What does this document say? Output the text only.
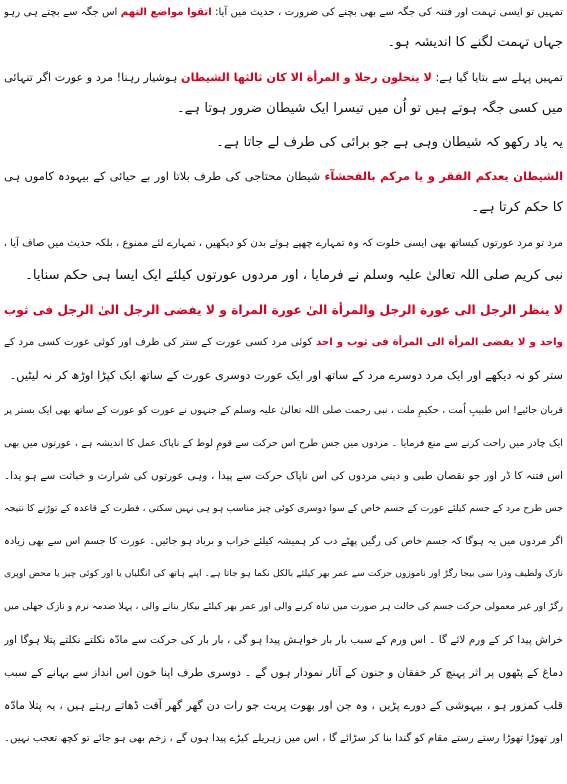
تمہیں تو ایسی تہمت اور فتنہ کی جگہ سے بھی بچنے کی ضرورت ، حدیث میں آیا: اتقوا مواضع التهم اس جگہ سے بچتے ہی رہو
جہاں تہمت لگنے کا اندیشہ ہو۔
تمہیں پہلے سے بتایا گیا ہے: لا ينحلون رجلا و المرأة الا كان ثالثها الشيطان ہوشیار رہنا! مرد و عورت اگر تنہائی
میں کسی جگہ ہوتے ہیں تو اُن میں تیسرا ایک شیطان ضرور ہوتا ہے۔
یہ یاد رکھو کہ شیطان وہی ہے جو برائی کی طرف لے جاتا ہے۔
الشيطان يعدكم الفقر و يا مركم بالفحشآء شیطان محتاجی کی طرف بلاتا اور بے حیائی کے بیہودہ کاموں ہی
کا حکم کرتا ہے۔
مرد تو مرد عورتوں کیساتھ بھی ایسی خلوت کہ وہ تمہارے چھپے ہوئے بدن کو دیکھیں ، تمہارے لئے ممنوع ، بلکہ حدیث میں صاف آیا ،
نبی کریم صلی اللہ تعالیٰ علیہ وسلم نے فرمایا ، اور مردوں عورتوں کیلئے ایک ایسا ہی حکم سنایا۔
لا ينظر الرجل الى عورة الرجل والمرأة الىٰ عورة المراة و لا يفضى الرجل الىٰ الرجل فى ثوب
واحد و لا يفضى المرأة الى المرأة فى ثوب و احد کوئی مرد کسی عورت کے ستر کی طرف اور کوئی عورت کسی مرد کے
ستر کو نہ دیکھے اور ایک مرد دوسرے مرد کے ساتھ اور ایک عورت دوسری عورت کے ساتھ ایک کپڑا اوڑھ کر نہ لیٹیں۔
قربان جائیے! اس طبیبِ اُمت ، حکیمِ ملت ، نبی رحمت صلی اللہ تعالیٰ علیہ وسلم کے جنہوں نے عورت کو عورت کے ساتھ بھی ایک بستر پر
ایک چادر میں راحت کرنے سے منع فرمایا ۔ مردوں میں جس طرح اس حرکت سے قومِ لوط کے ناپاک عمل کا اندیشہ ہے ، عورتوں میں بھی
اس فتنہ کا ڈر اور جو نقصان طبی و دینی مردوں کی اس ناپاک حرکت سے پیدا ، وہی عورتوں کی شرارت و خباثت سے ہو یدا۔
جس طرح مرد کے جسم کیلئے عورت کے جسم خاص کے سوا دوسری کوئی چیز مناسب ہو ہی نہیں سکتی ، فطرت کے قاعدہ کے توڑنے کا نتیجہ
اگر مردوں میں یہ ہوگا کہ جسم خاص کی رگیں پھٹے دب کر ہمیشہ کیلئے خراب و برباد ہو جائیں۔ عورت کا جسم اس سے بھی زیادہ
نازک ولطیف وذرا سی بیجا رگڑ اور ناموزوں حرکت سے عمر بھر کیلئے بالکل نکما ہو جاتا ہے۔ اپنے ہاتھ کی انگلیاں یا اور کوئی چیز یا محض اوپری
رگڑ اور غیر معمولی حرکت جسم کی حالت ہر صورت میں تباہ کرنے والی اور عمر بھر کیلئے بیکار بنانے والی ، پہلا صدمہ نرم و نازک جھلی میں
خراش پیدا کر کے ورم لائے گا ۔ اس ورم کے سبب بار بار خواہش پیدا ہو گی ، بار بار کی حرکت سے مادّہ نکلتے نکلتے پتلا ہوگا اور
دماغ کے پٹھوں پر اثر پہنچ کر خفقان و جنون کے آثار نمودار ہوں گے ۔ دوسری طرف اپنا خون اس انداز سے بہانے کے سبب
قلب کمزور ہو ، بیہوشی کے دورے پڑیں ، وہ جن اور بھوت پریت جو رات دن گھر گھر آفت ڈھاتے رہتے ہیں ، یہ پتلا مادّہ
اور تھوڑا تھوڑا رستے رستے مقام کو گندا بنا کر سڑائے گا ، اس میں زہریلے کیڑے پیدا ہوں گے ، زخم بھی ہو جائے تو کچھ تعجب نہیں۔
